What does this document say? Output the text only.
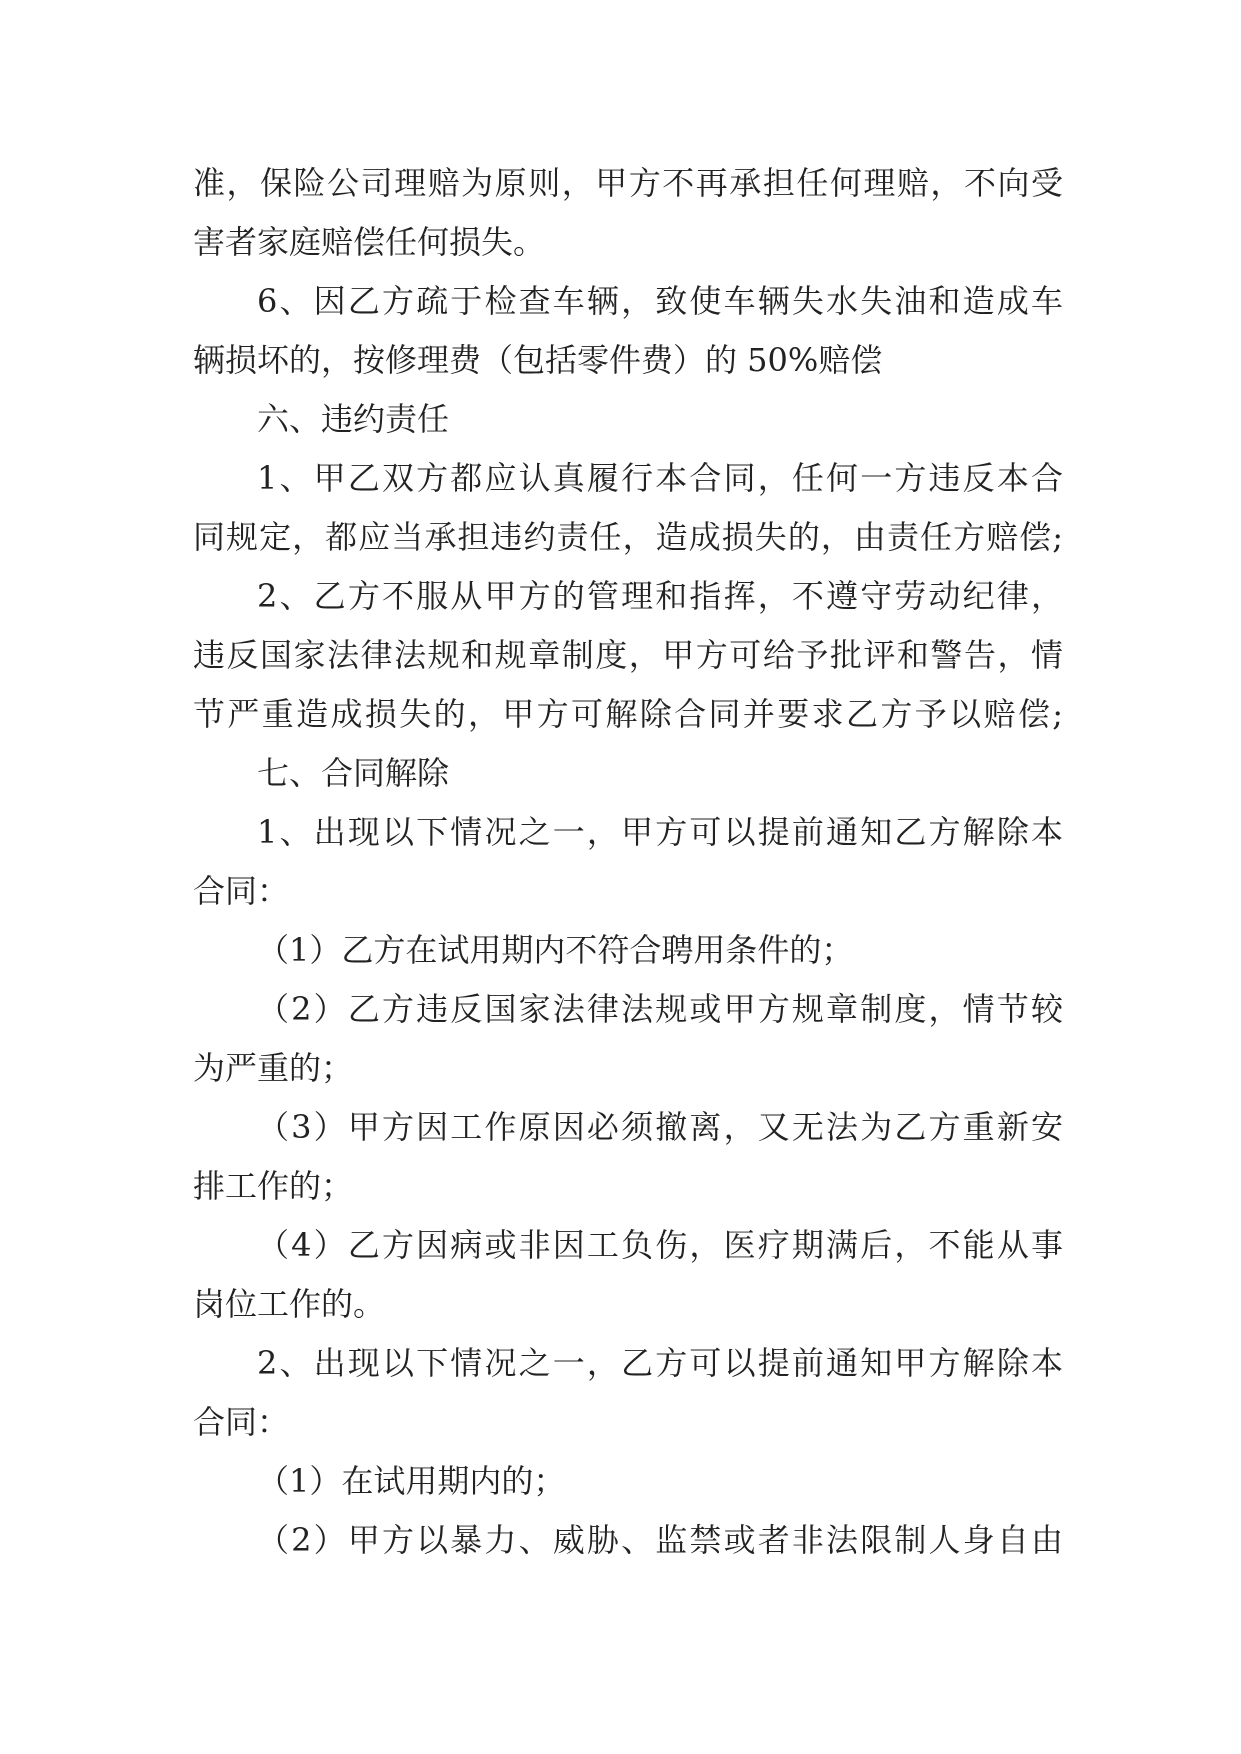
准，保险公司理赔为原则，甲方不再承担任何理赔，不向受
害者家庭赔偿任何损失。
6、因乙方疏于检查车辆，致使车辆失水失油和造成车
辆损坏的，按修理费（包括零件费）的 50%赔偿
六、违约责任
1、甲乙双方都应认真履行本合同，任何一方违反本合
同规定，都应当承担违约责任，造成损失的，由责任方赔偿;
2、乙方不服从甲方的管理和指挥，不遵守劳动纪律，
违反国家法律法规和规章制度，甲方可给予批评和警告，情
节严重造成损失的，甲方可解除合同并要求乙方予以赔偿;
七、合同解除
1、出现以下情况之一，甲方可以提前通知乙方解除本
合同：
（1）乙方在试用期内不符合聘用条件的；
（2）乙方违反国家法律法规或甲方规章制度，情节较
为严重的；
（3）甲方因工作原因必须撤离，又无法为乙方重新安
排工作的；
（4）乙方因病或非因工负伤，医疗期满后，不能从事
岗位工作的。
2、出现以下情况之一，乙方可以提前通知甲方解除本
合同：
（1）在试用期内的；
（2）甲方以暴力、威胁、监禁或者非法限制人身自由
